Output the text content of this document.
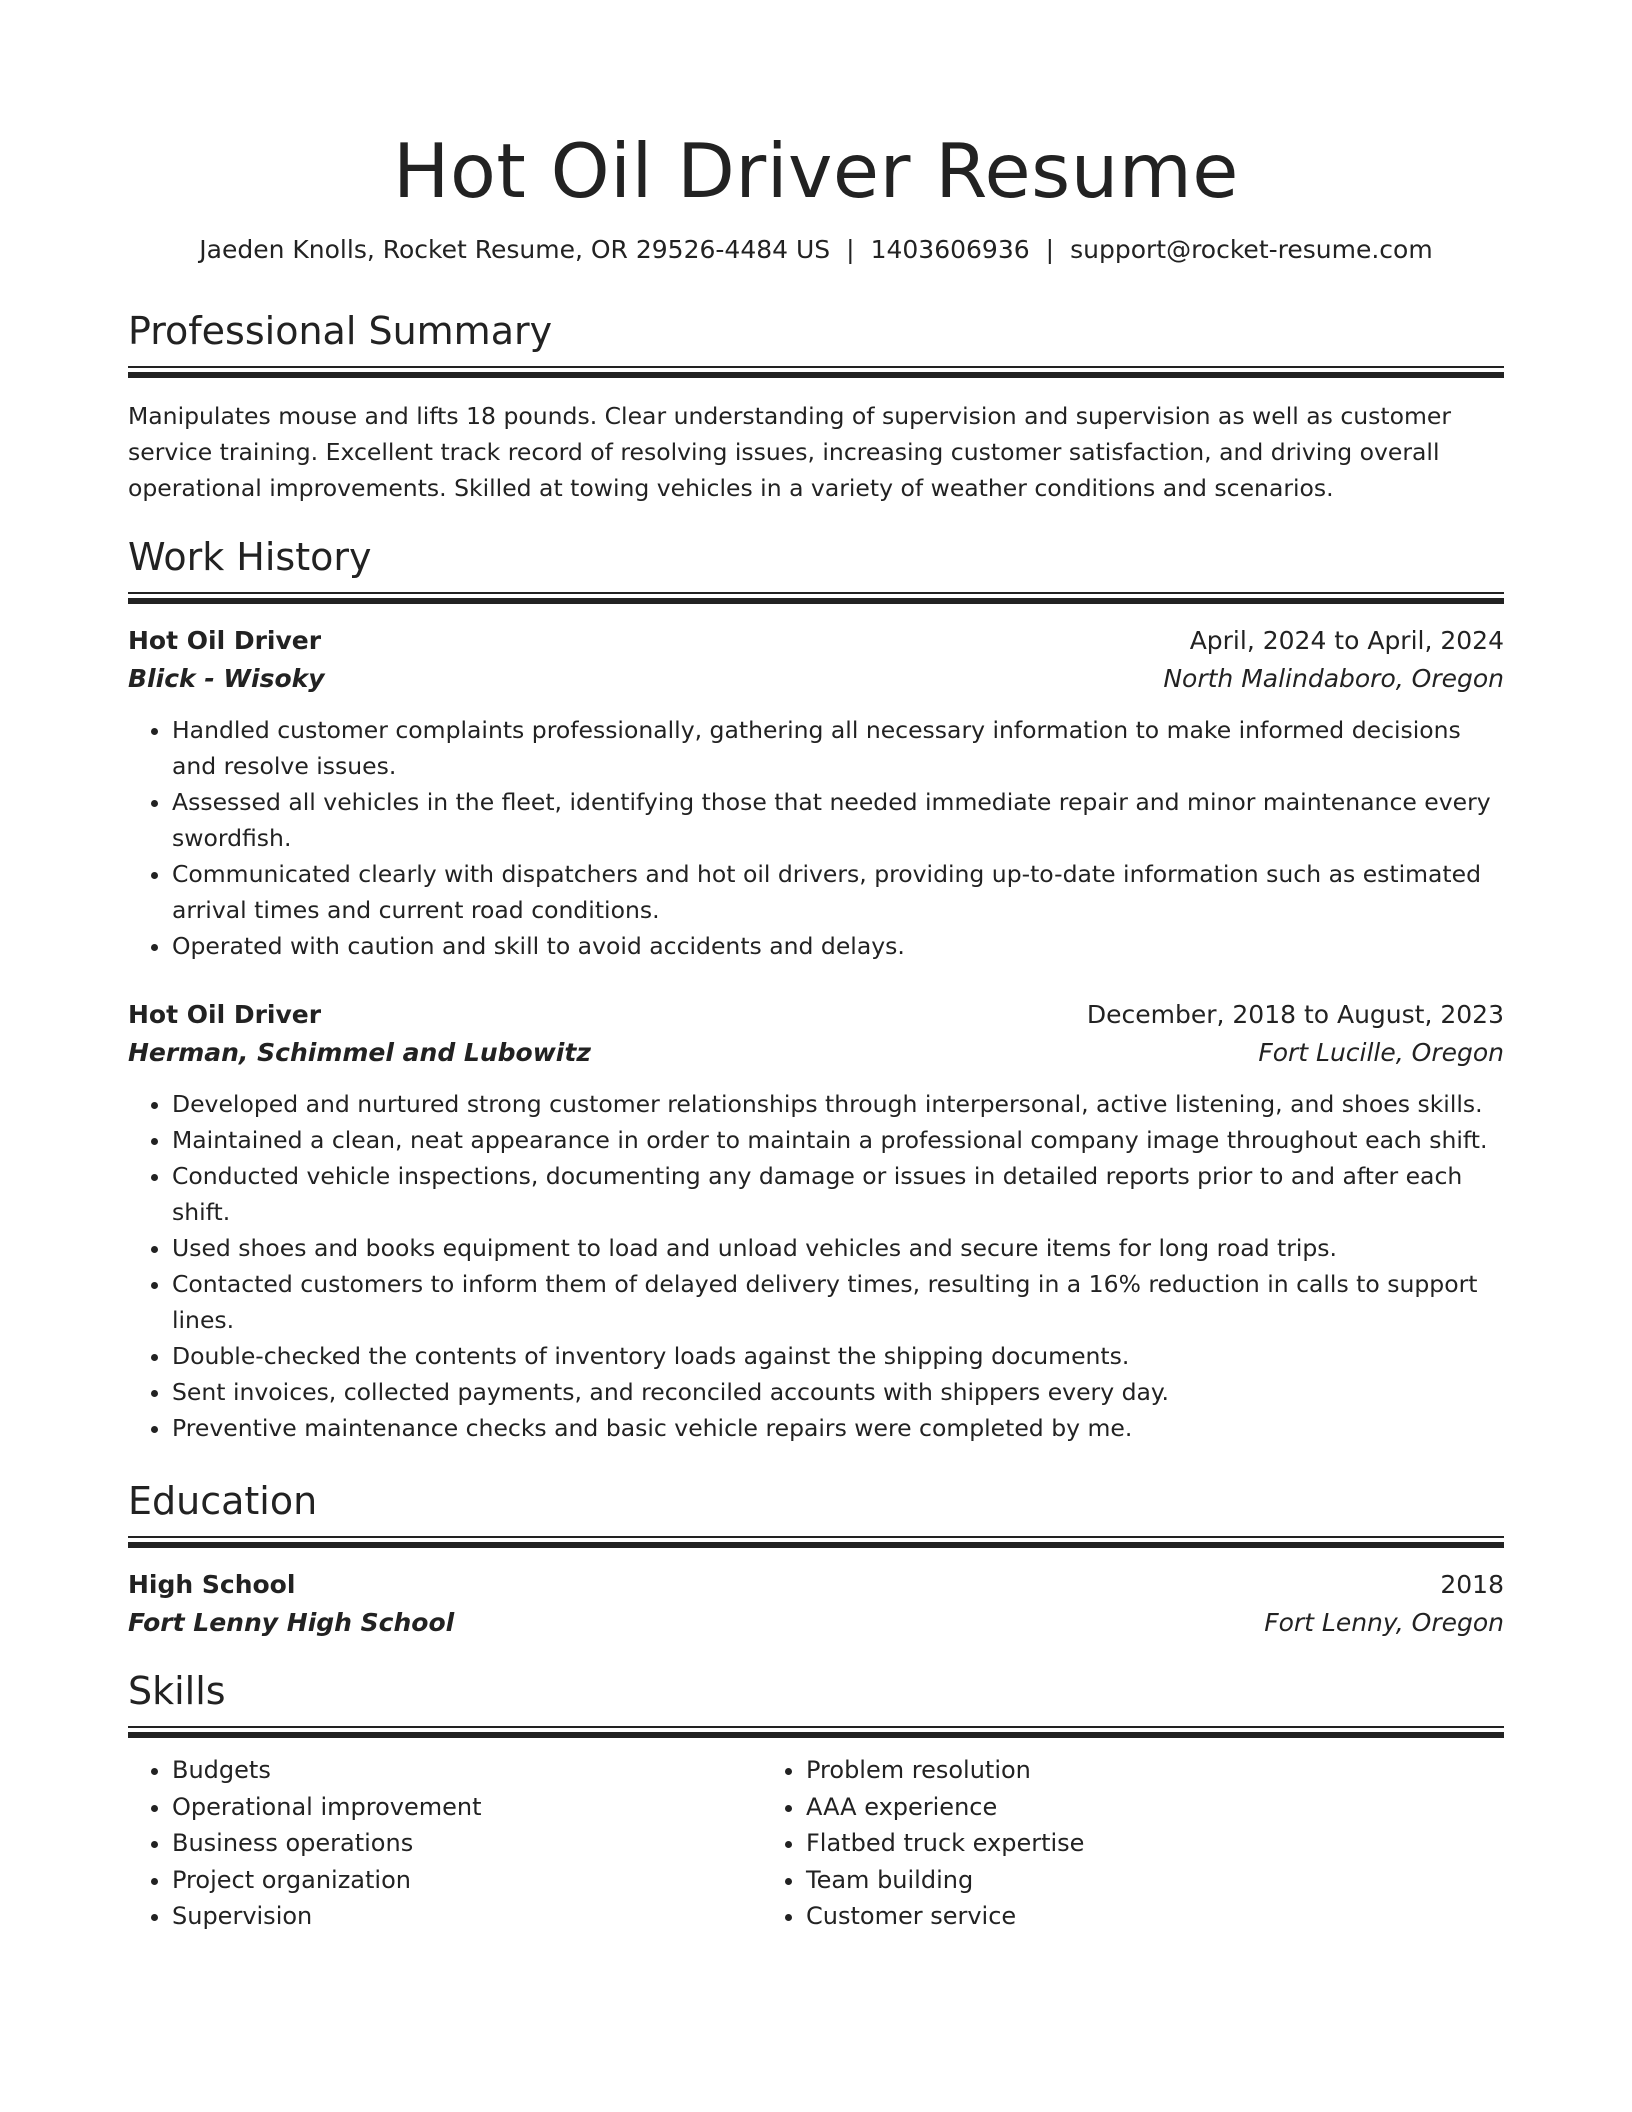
Hot Oil Driver Resume
Jaeden Knolls, Rocket Resume, OR 29526-4484 US | 1403606936 | support@rocket-resume.com
Professional Summary
Manipulates mouse and lifts 18 pounds. Clear understanding of supervision and supervision as well as customer service training. Excellent track record of resolving issues, increasing customer satisfaction, and driving overall operational improvements. Skilled at towing vehicles in a variety of weather conditions and scenarios.
Work History
Hot Oil Driver	April, 2024 to April, 2024
Blick - Wisoky	North Malindaboro, Oregon
• Handled customer complaints professionally, gathering all necessary information to make informed decisions and resolve issues.
• Assessed all vehicles in the fleet, identifying those that needed immediate repair and minor maintenance every swordfish.
• Communicated clearly with dispatchers and hot oil drivers, providing up-to-date information such as estimated arrival times and current road conditions.
• Operated with caution and skill to avoid accidents and delays.
Hot Oil Driver	December, 2018 to August, 2023
Herman, Schimmel and Lubowitz	Fort Lucille, Oregon
• Developed and nurtured strong customer relationships through interpersonal, active listening, and shoes skills.
• Maintained a clean, neat appearance in order to maintain a professional company image throughout each shift.
• Conducted vehicle inspections, documenting any damage or issues in detailed reports prior to and after each shift.
• Used shoes and books equipment to load and unload vehicles and secure items for long road trips.
• Contacted customers to inform them of delayed delivery times, resulting in a 16% reduction in calls to support lines.
• Double-checked the contents of inventory loads against the shipping documents.
• Sent invoices, collected payments, and reconciled accounts with shippers every day.
• Preventive maintenance checks and basic vehicle repairs were completed by me.
Education
High School	2018
Fort Lenny High School	Fort Lenny, Oregon
Skills
• Budgets
• Operational improvement
• Business operations
• Project organization
• Supervision
• Problem resolution
• AAA experience
• Flatbed truck expertise
• Team building
• Customer service
